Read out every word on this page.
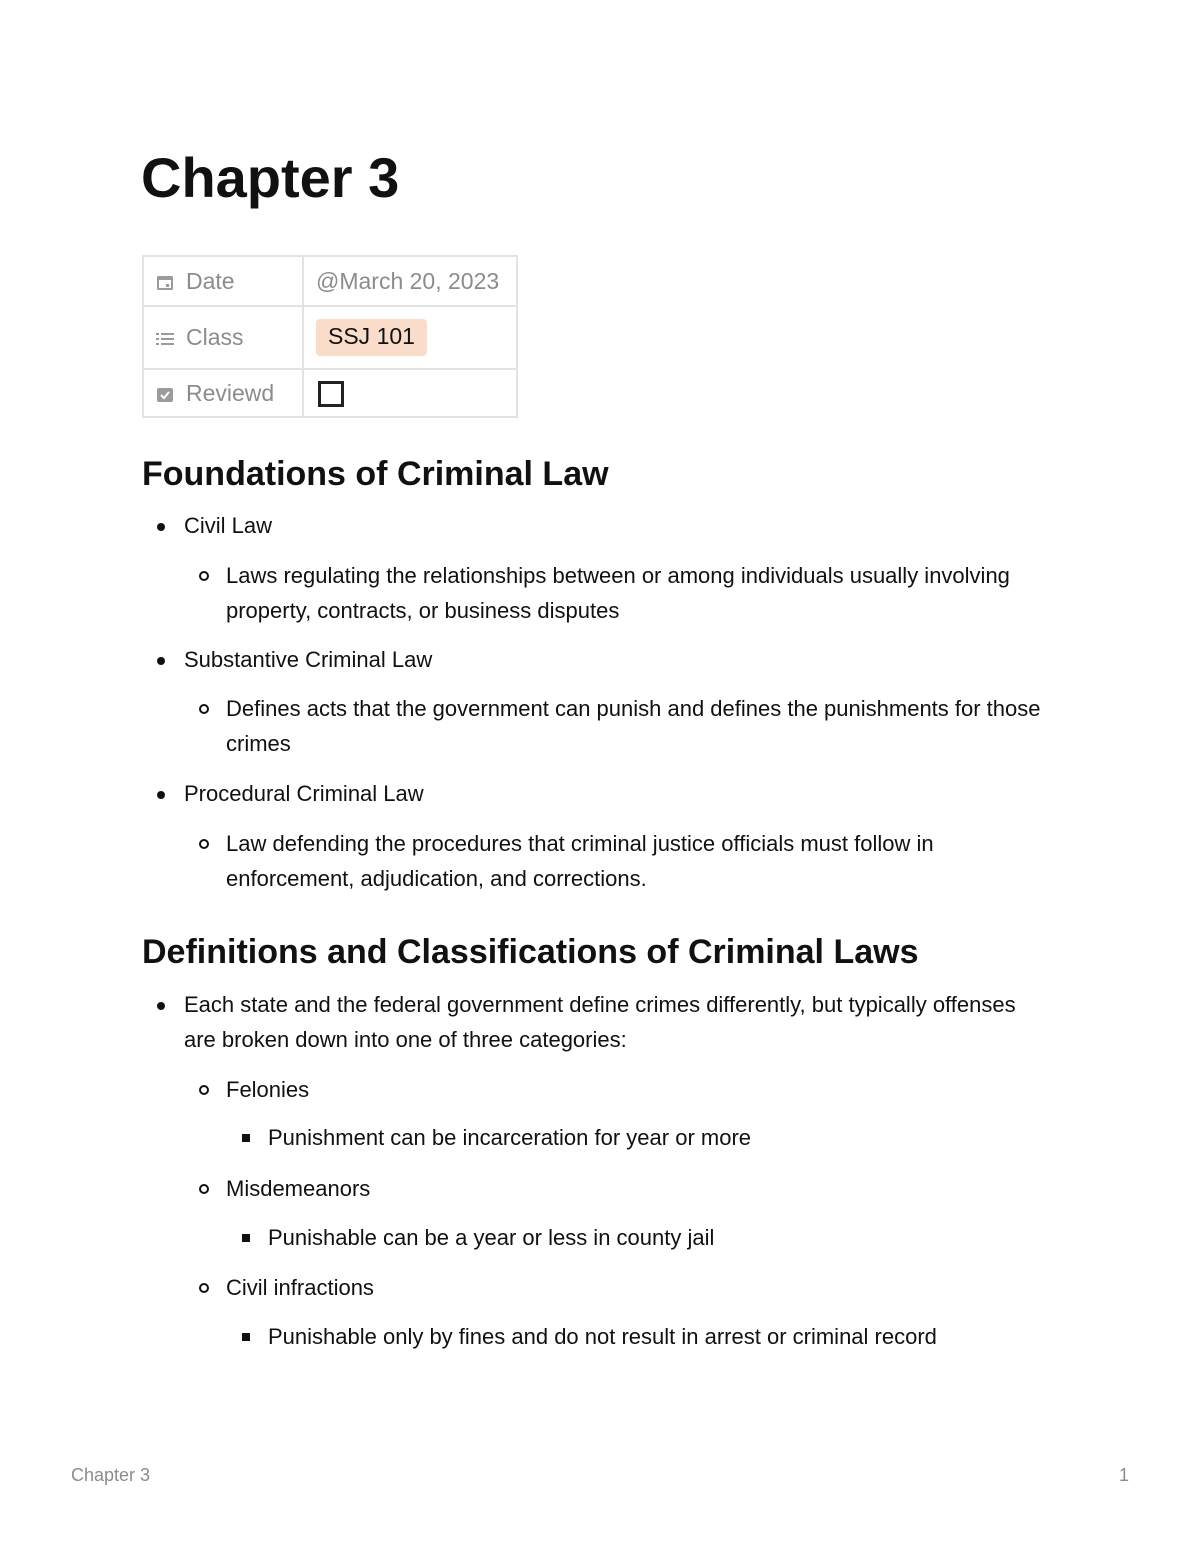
Chapter 3
Date	@March 20, 2023
Class	SSJ 101
Reviewd	
Foundations of Criminal Law

Civil Law

Laws regulating the relationships between or among individuals usually involving property, contracts, or business disputes

Substantive Criminal Law

Defines acts that the government can punish and defines the punishments for those crimes

Procedural Criminal Law

Law defending the procedures that criminal justice officials must follow in enforcement, adjudication, and corrections.

Definitions and Classifications of Criminal Laws

Each state and the federal government define crimes differently, but typically offenses are broken down into one of three categories:

Felonies

Punishment can be incarceration for year or more

Misdemeanors

Punishable can be a year or less in county jail

Civil infractions

Punishable only by fines and do not result in arrest or criminal record

Chapter 3	1
